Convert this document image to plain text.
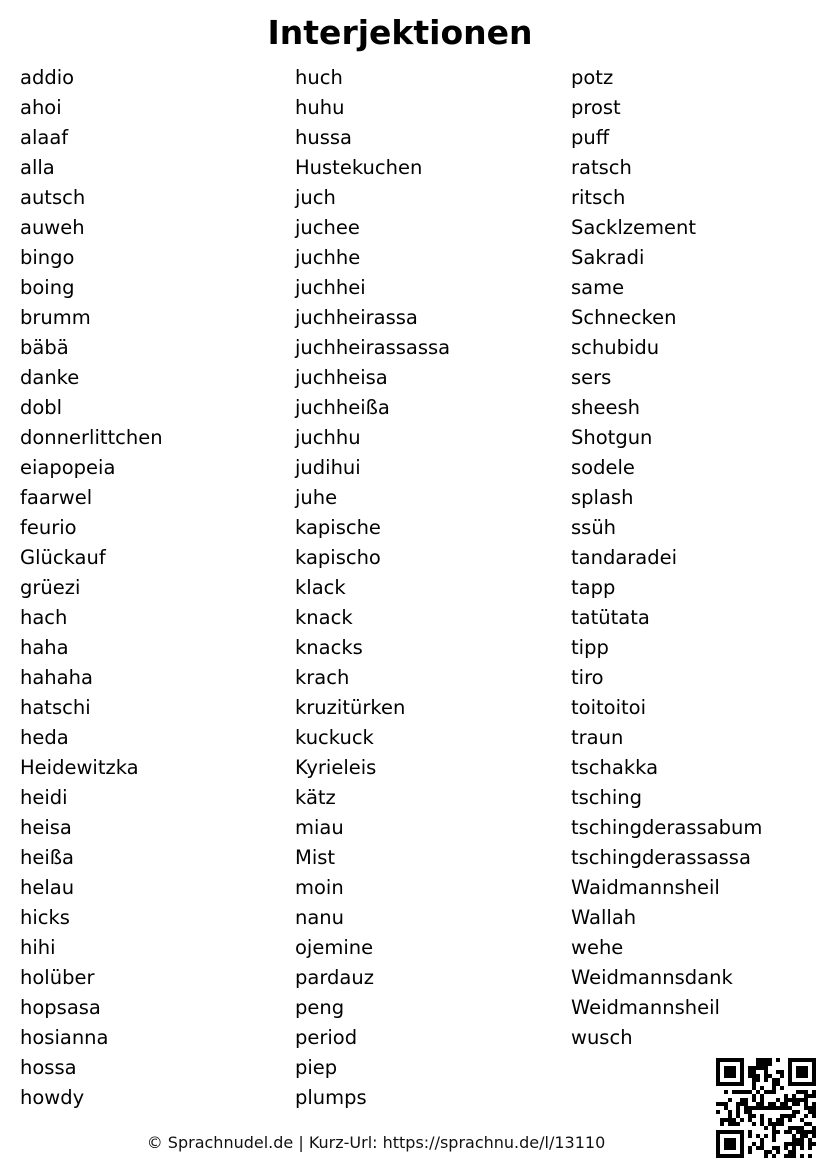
Interjektionen
addio
ahoi
alaaf
alla
autsch
auweh
bingo
boing
brumm
bäbä
danke
dobl
donnerlittchen
eiapopeia
faarwel
feurio
Glückauf
grüezi
hach
haha
hahaha
hatschi
heda
Heidewitzka
heidi
heisa
heißa
helau
hicks
hihi
holüber
hopsasa
hosianna
hossa
howdy
huch
huhu
hussa
Hustekuchen
juch
juchee
juchhe
juchhei
juchheirassa
juchheirassassa
juchheisa
juchheißa
juchhu
judihui
juhe
kapische
kapischo
klack
knack
knacks
krach
kruzitürken
kuckuck
Kyrieleis
kätz
miau
Mist
moin
nanu
ojemine
pardauz
peng
period
piep
plumps
potz
prost
puff
ratsch
ritsch
Sacklzement
Sakradi
same
Schnecken
schubidu
sers
sheesh
Shotgun
sodele
splash
ssüh
tandaradei
tapp
tatütata
tipp
tiro
toitoitoi
traun
tschakka
tsching
tschingderassabum
tschingderassassa
Waidmannsheil
Wallah
wehe
Weidmannsdank
Weidmannsheil
wusch
© Sprachnudel.de | Kurz-Url: https://sprachnu.de/l/13110
